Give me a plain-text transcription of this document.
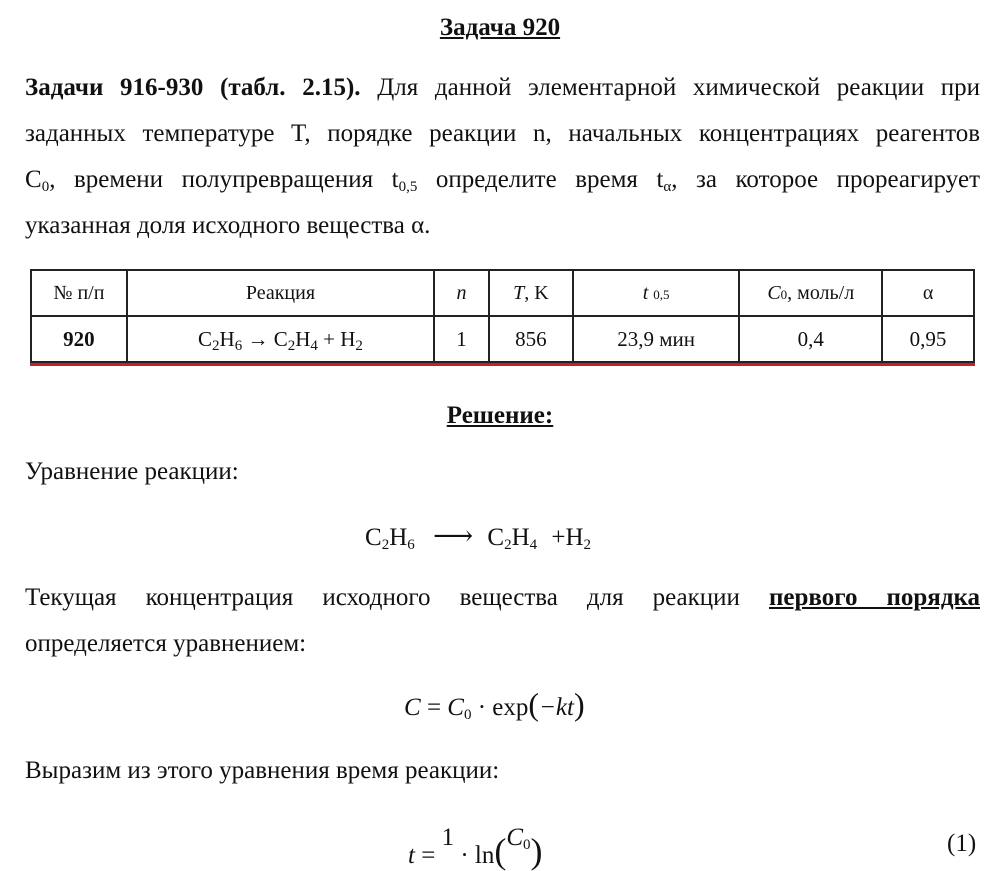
Задача 920
Задачи 916-930 (табл. 2.15). Для данной элементарной химической реакции при
заданных температуре T, порядке реакции n, начальных концентрациях реагентов
$C_0$, времени полупревращения $t_{0,5}$ определите время $t_\alpha$, за которое прореагирует
указанная доля исходного вещества α.
№ п/п	Реакция	n	T, K	t 0,5	C0, моль/л	α
920	$C_2H_6 \to C_2H_4 + H_2$	1	856	23,9 мин	0,4	0,95
Решение:
Уравнение реакции:
$C_2H_6$ ⟶ $C_2H_4 +H_2$
Текущая концентрация исходного вещества для реакции первого порядка
определяется уравнением:
$C = C_0 \cdot \exp(-kt)$
Выразим из этого уравнения время реакции:
$t = 1 \cdot \ln(C_0)$	(1)
